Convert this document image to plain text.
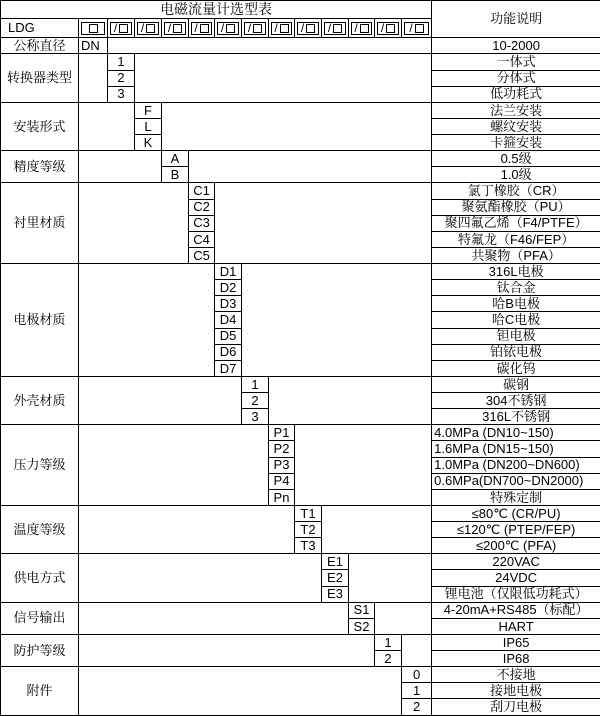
电磁流量计选型表														功能说明
LDG		/	/	/	/	/	/	/	/	/	/	/	/	

公称直径	DN													10-2000
转换器类型		1												一体式
		2												分体式
		3												低功耗式
安装形式			F											法兰安装
			L											螺纹安装
			K											卡箍安装
精度等级				A										0.5级
				B										1.0级
衬里材质					C1									氯丁橡胶（CR）
					C2									聚氨酯橡胶（PU）
					C3									聚四氟乙烯（F4/PTFE）
					C4									特氟龙（F46/FEP）
					C5									共聚物（PFA）
电极材质						D1								316L电极
						D2								钛合金
						D3								哈B电极
						D4								哈C电极
						D5								钽电极
						D6								铂铱电极
						D7								碳化钨
外壳材质							1							碳钢
							2							304不锈钢
							3							316L不锈钢
压力等级								P1						4.0MPa (DN10~150)
								P2						1.6MPa (DN15~150)
								P3						1.0MPa (DN200~DN600)
								P4						0.6MPa(DN700~DN2000)
								Pn						特殊定制
温度等级									T1					≤80℃ (CR/PU)
									T2					≤120℃ (PTEP/FEP)
									T3					≤200℃ (PFA)
供电方式										E1				220VAC
										E2				24VDC
										E3				锂电池（仅限低功耗式）
信号输出											S1			4-20mA+RS485（标配）
											S2			HART
防护等级												1		IP65
												2		IP68
附件													0	不接地
													1	接地电极
													2	刮刀电极
